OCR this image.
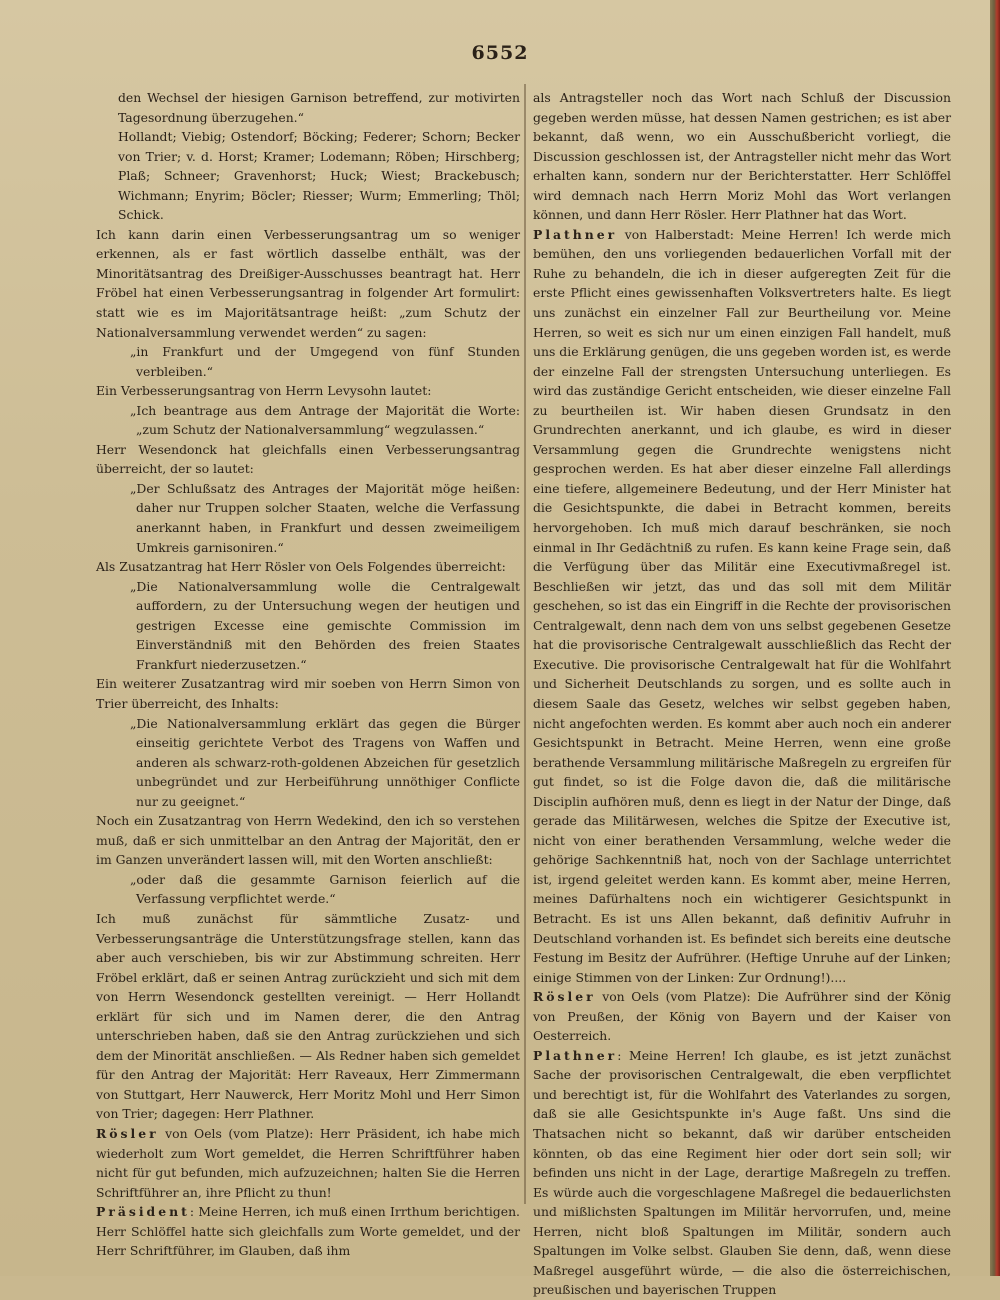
6552

den Wechsel der hiesigen Garnison betreffend, zur motivirten Tagesordnung überzugehen.“

Hollandt; Viebig; Ostendorf; Böcking; Federer; Schorn; Becker von Trier; v. d. Horst; Kramer; Lodemann; Röben; Hirschberg; Plaß; Schneer; Gravenhorst; Huck; Wiest; Brackebusch; Wichmann; Enyrim; Böcler; Riesser; Wurm; Emmerling; Thöl; Schick.

Ich kann darin einen Verbesserungsantrag um so weniger erkennen, als er fast wörtlich dasselbe enthält, was der Minoritätsantrag des Dreißiger-Ausschusses beantragt hat. Herr Fröbel hat einen Verbesserungsantrag in folgender Art formulirt: statt wie es im Majoritätsantrage heißt: „zum Schutz der Nationalversammlung verwendet werden“ zu sagen:

„in Frankfurt und der Umgegend von fünf Stunden verbleiben.“

Ein Verbesserungsantrag von Herrn Levysohn lautet:

„Ich beantrage aus dem Antrage der Majorität die Worte: „zum Schutz der Nationalversammlung“ wegzulassen.“

Herr Wesendonck hat gleichfalls einen Verbesserungsantrag überreicht, der so lautet:

„Der Schlußsatz des Antrages der Majorität möge heißen: daher nur Truppen solcher Staaten, welche die Verfassung anerkannt haben, in Frankfurt und dessen zweimeiligem Umkreis garnisoniren.“

Als Zusatzantrag hat Herr Rösler von Oels Folgendes überreicht:

„Die Nationalversammlung wolle die Centralgewalt auffordern, zu der Untersuchung wegen der heutigen und gestrigen Excesse eine gemischte Commission im Einverständniß mit den Behörden des freien Staates Frankfurt niederzusetzen.“

Ein weiterer Zusatzantrag wird mir soeben von Herrn Simon von Trier überreicht, des Inhalts:

„Die Nationalversammlung erklärt das gegen die Bürger einseitig gerichtete Verbot des Tragens von Waffen und anderen als schwarz-roth-goldenen Abzeichen für gesetzlich unbegründet und zur Herbeiführung unnöthiger Conflicte nur zu geeignet.“

Noch ein Zusatzantrag von Herrn Wedekind, den ich so verstehen muß, daß er sich unmittelbar an den Antrag der Majorität, den er im Ganzen unverändert lassen will, mit den Worten anschließt:

„oder daß die gesammte Garnison feierlich auf die Verfassung verpflichtet werde.“

Ich muß zunächst für sämmtliche Zusatz- und Verbesserungsanträge die Unterstützungsfrage stellen, kann das aber auch verschieben, bis wir zur Abstimmung schreiten. Herr Fröbel erklärt, daß er seinen Antrag zurückzieht und sich mit dem von Herrn Wesendonck gestellten vereinigt. — Herr Hollandt erklärt für sich und im Namen derer, die den Antrag unterschrieben haben, daß sie den Antrag zurückziehen und sich dem der Minorität anschließen. — Als Redner haben sich gemeldet für den Antrag der Majorität: Herr Raveaux, Herr Zimmermann von Stuttgart, Herr Nauwerck, Herr Moritz Mohl und Herr Simon von Trier; dagegen: Herr Plathner.

Rösler von Oels (vom Platze): Herr Präsident, ich habe mich wiederholt zum Wort gemeldet, die Herren Schriftführer haben nicht für gut befunden, mich aufzuzeichnen; halten Sie die Herren Schriftführer an, ihre Pflicht zu thun!

Präsident: Meine Herren, ich muß einen Irrthum berichtigen. Herr Schlöffel hatte sich gleichfalls zum Worte gemeldet, und der Herr Schriftführer, im Glauben, daß ihm

als Antragsteller noch das Wort nach Schluß der Discussion gegeben werden müsse, hat dessen Namen gestrichen; es ist aber bekannt, daß wenn, wo ein Ausschußbericht vorliegt, die Discussion geschlossen ist, der Antragsteller nicht mehr das Wort erhalten kann, sondern nur der Berichterstatter. Herr Schlöffel wird demnach nach Herrn Moriz Mohl das Wort verlangen können, und dann Herr Rösler. Herr Plathner hat das Wort.

Plathner von Halberstadt: Meine Herren! Ich werde mich bemühen, den uns vorliegenden bedauerlichen Vorfall mit der Ruhe zu behandeln, die ich in dieser aufgeregten Zeit für die erste Pflicht eines gewissenhaften Volksvertreters halte. Es liegt uns zunächst ein einzelner Fall zur Beurtheilung vor. Meine Herren, so weit es sich nur um einen einzigen Fall handelt, muß uns die Erklärung genügen, die uns gegeben worden ist, es werde der einzelne Fall der strengsten Untersuchung unterliegen. Es wird das zuständige Gericht entscheiden, wie dieser einzelne Fall zu beurtheilen ist. Wir haben diesen Grundsatz in den Grundrechten anerkannt, und ich glaube, es wird in dieser Versammlung gegen die Grundrechte wenigstens nicht gesprochen werden. Es hat aber dieser einzelne Fall allerdings eine tiefere, allgemeinere Bedeutung, und der Herr Minister hat die Gesichtspunkte, die dabei in Betracht kommen, bereits hervorgehoben. Ich muß mich darauf beschränken, sie noch einmal in Ihr Gedächtniß zu rufen. Es kann keine Frage sein, daß die Verfügung über das Militär eine Executivmaßregel ist. Beschließen wir jetzt, das und das soll mit dem Militär geschehen, so ist das ein Eingriff in die Rechte der provisorischen Centralgewalt, denn nach dem von uns selbst gegebenen Gesetze hat die provisorische Centralgewalt ausschließlich das Recht der Executive. Die provisorische Centralgewalt hat für die Wohlfahrt und Sicherheit Deutschlands zu sorgen, und es sollte auch in diesem Saale das Gesetz, welches wir selbst gegeben haben, nicht angefochten werden. Es kommt aber auch noch ein anderer Gesichtspunkt in Betracht. Meine Herren, wenn eine große berathende Versammlung militärische Maßregeln zu ergreifen für gut findet, so ist die Folge davon die, daß die militärische Disciplin aufhören muß, denn es liegt in der Natur der Dinge, daß gerade das Militärwesen, welches die Spitze der Executive ist, nicht von einer berathenden Versammlung, welche weder die gehörige Sachkenntniß hat, noch von der Sachlage unterrichtet ist, irgend geleitet werden kann. Es kommt aber, meine Herren, meines Dafürhaltens noch ein wichtigerer Gesichtspunkt in Betracht. Es ist uns Allen bekannt, daß definitiv Aufruhr in Deutschland vorhanden ist. Es befindet sich bereits eine deutsche Festung im Besitz der Aufrührer. (Heftige Unruhe auf der Linken; einige Stimmen von der Linken: Zur Ordnung!)....

Rösler von Oels (vom Platze): Die Aufrührer sind der König von Preußen, der König von Bayern und der Kaiser von Oesterreich.

Plathner: Meine Herren! Ich glaube, es ist jetzt zunächst Sache der provisorischen Centralgewalt, die eben verpflichtet und berechtigt ist, für die Wohlfahrt des Vaterlandes zu sorgen, daß sie alle Gesichtspunkte in's Auge faßt. Uns sind die Thatsachen nicht so bekannt, daß wir darüber entscheiden könnten, ob das eine Regiment hier oder dort sein soll; wir befinden uns nicht in der Lage, derartige Maßregeln zu treffen. Es würde auch die vorgeschlagene Maßregel die bedauerlichsten und mißlichsten Spaltungen im Militär hervorrufen, und, meine Herren, nicht bloß Spaltungen im Militär, sondern auch Spaltungen im Volke selbst. Glauben Sie denn, daß, wenn diese Maßregel ausgeführt würde, — die also die österreichischen, preußischen und bayerischen Truppen
